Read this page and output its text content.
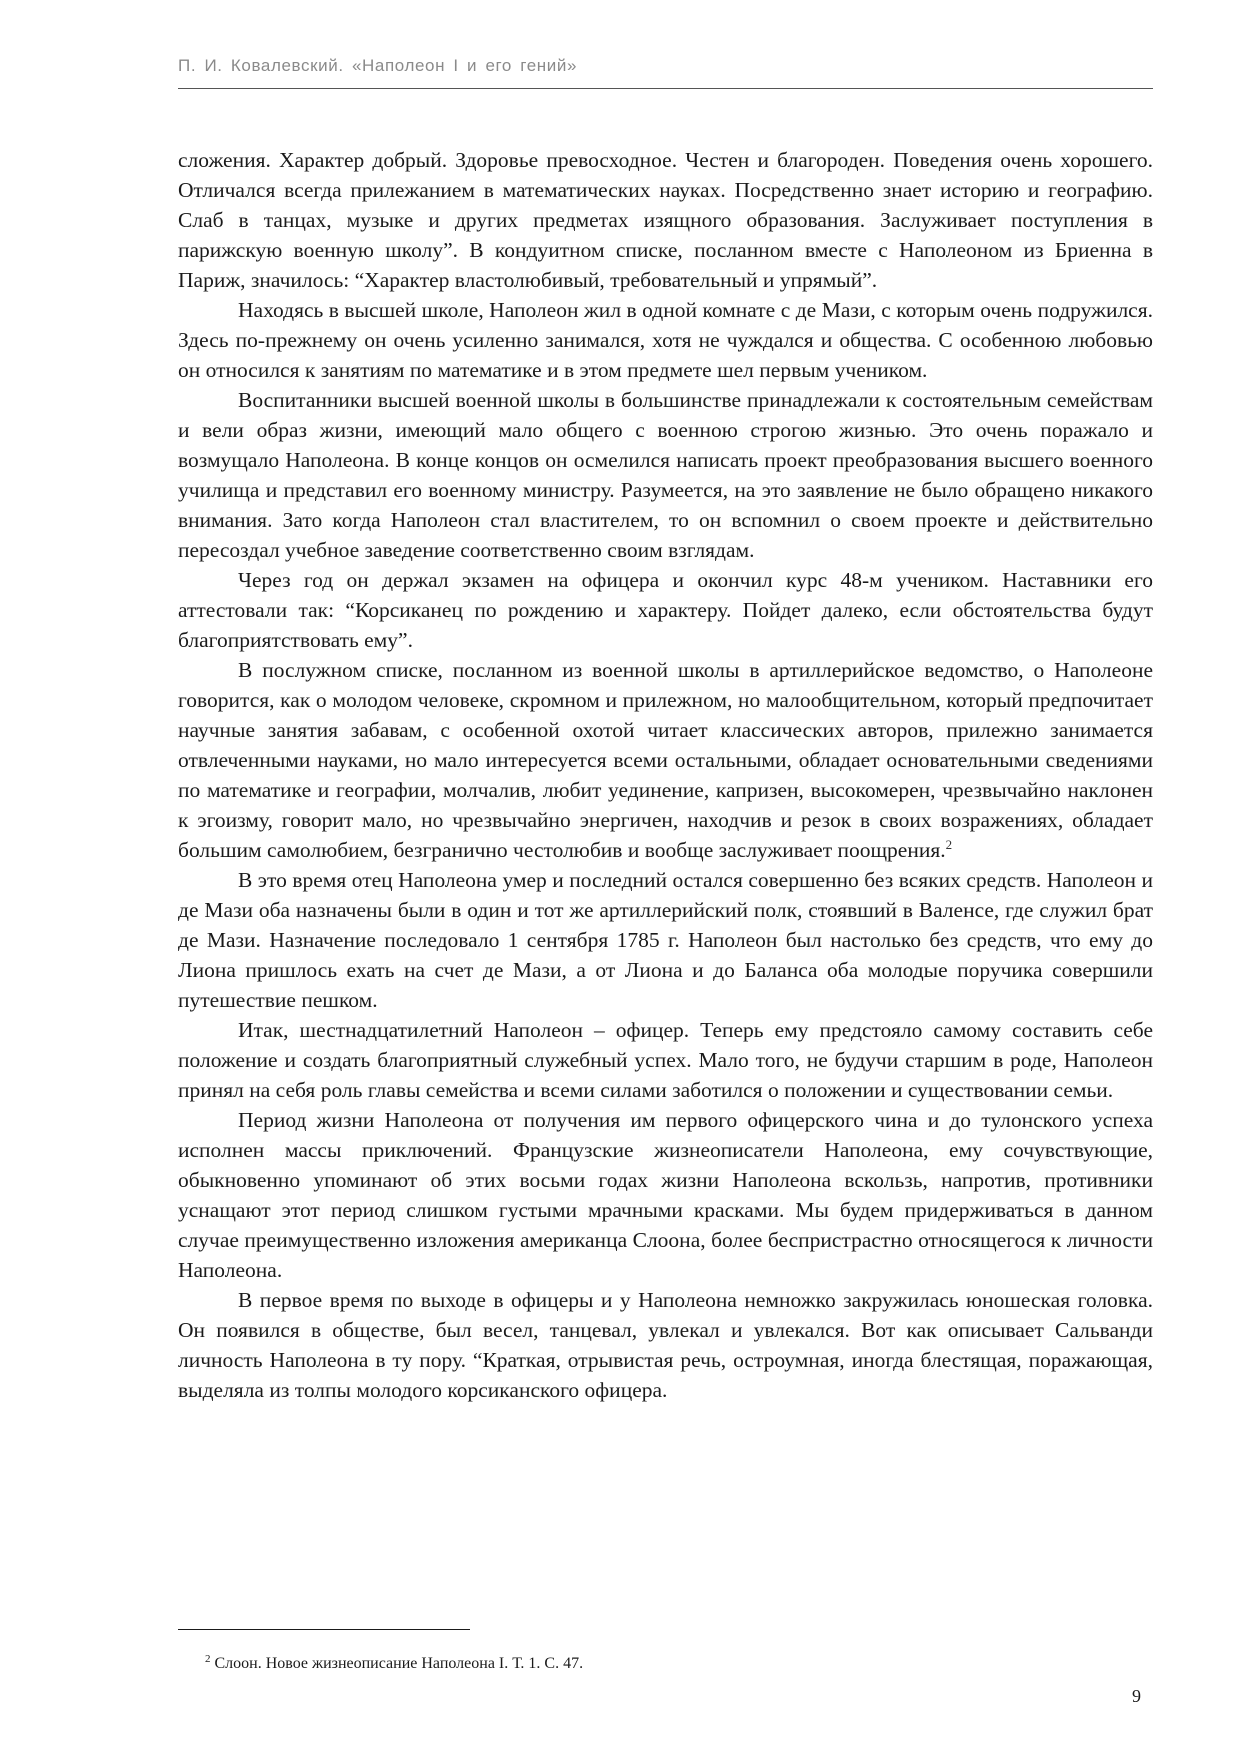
П. И. Ковалевский. «Наполеон I и его гений»

сложения. Характер добрый. Здоровье превосходное. Честен и благороден. Поведения очень хорошего. Отличался всегда прилежанием в математических науках. Посредственно знает историю и географию. Слаб в танцах, музыке и других предметах изящного образования. Заслуживает поступления в парижскую военную школу”. В кондуитном списке, посланном вместе с Наполеоном из Бриенна в Париж, значилось: “Характер властолюбивый, требовательный и упрямый”.

Находясь в высшей школе, Наполеон жил в одной комнате с де Мази, с которым очень подружился. Здесь по-прежнему он очень усиленно занимался, хотя не чуждался и общества. С особенною любовью он относился к занятиям по математике и в этом предмете шел первым учеником.

Воспитанники высшей военной школы в большинстве принадлежали к состоятельным семействам и вели образ жизни, имеющий мало общего с военною строгою жизнью. Это очень поражало и возмущало Наполеона. В конце концов он осмелился написать проект преобразования высшего военного училища и представил его военному министру. Разумеется, на это заявление не было обращено никакого внимания. Зато когда Наполеон стал властителем, то он вспомнил о своем проекте и действительно пересоздал учебное заведение соответственно своим взглядам.

Через год он держал экзамен на офицера и окончил курс 48-м учеником. Наставники его аттестовали так: “Корсиканец по рождению и характеру. Пойдет далеко, если обстоятельства будут благоприятствовать ему”.

В послужном списке, посланном из военной школы в артиллерийское ведомство, о Наполеоне говорится, как о молодом человеке, скромном и прилежном, но малообщительном, который предпочитает научные занятия забавам, с особенной охотой читает классических авторов, прилежно занимается отвлеченными науками, но мало интересуется всеми остальными, обладает основательными сведениями по математике и географии, молчалив, любит уединение, капризен, высокомерен, чрезвычайно наклонен к эгоизму, говорит мало, но чрезвычайно энергичен, находчив и резок в своих возражениях, обладает большим самолюбием, безгранично честолюбив и вообще заслуживает поощрения.$^2$

В это время отец Наполеона умер и последний остался совершенно без всяких средств. Наполеон и де Мази оба назначены были в один и тот же артиллерийский полк, стоявший в Валенсе, где служил брат де Мази. Назначение последовало 1 сентября 1785 г. Наполеон был настолько без средств, что ему до Лиона пришлось ехать на счет де Мази, а от Лиона и до Баланса оба молодые поручика совершили путешествие пешком.

Итак, шестнадцатилетний Наполеон – офицер. Теперь ему предстояло самому составить себе положение и создать благоприятный служебный успех. Мало того, не будучи старшим в роде, Наполеон принял на себя роль главы семейства и всеми силами заботился о положении и существовании семьи.

Период жизни Наполеона от получения им первого офицерского чина и до тулонского успеха исполнен массы приключений. Французские жизнеописатели Наполеона, ему сочувствующие, обыкновенно упоминают об этих восьми годах жизни Наполеона вскользь, напротив, противники уснащают этот период слишком густыми мрачными красками. Мы будем придерживаться в данном случае преимущественно изложения американца Слоона, более беспристрастно относящегося к личности Наполеона.

В первое время по выходе в офицеры и у Наполеона немножко закружилась юношеская головка. Он появился в обществе, был весел, танцевал, увлекал и увлекался. Вот как описывает Сальванди личность Наполеона в ту пору. “Краткая, отрывистая речь, остроумная, иногда блестящая, поражающая, выделяла из толпы молодого корсиканского офицера.

$^2$ Слоон. Новое жизнеописание Наполеона I. Т. 1. С. 47.
9
